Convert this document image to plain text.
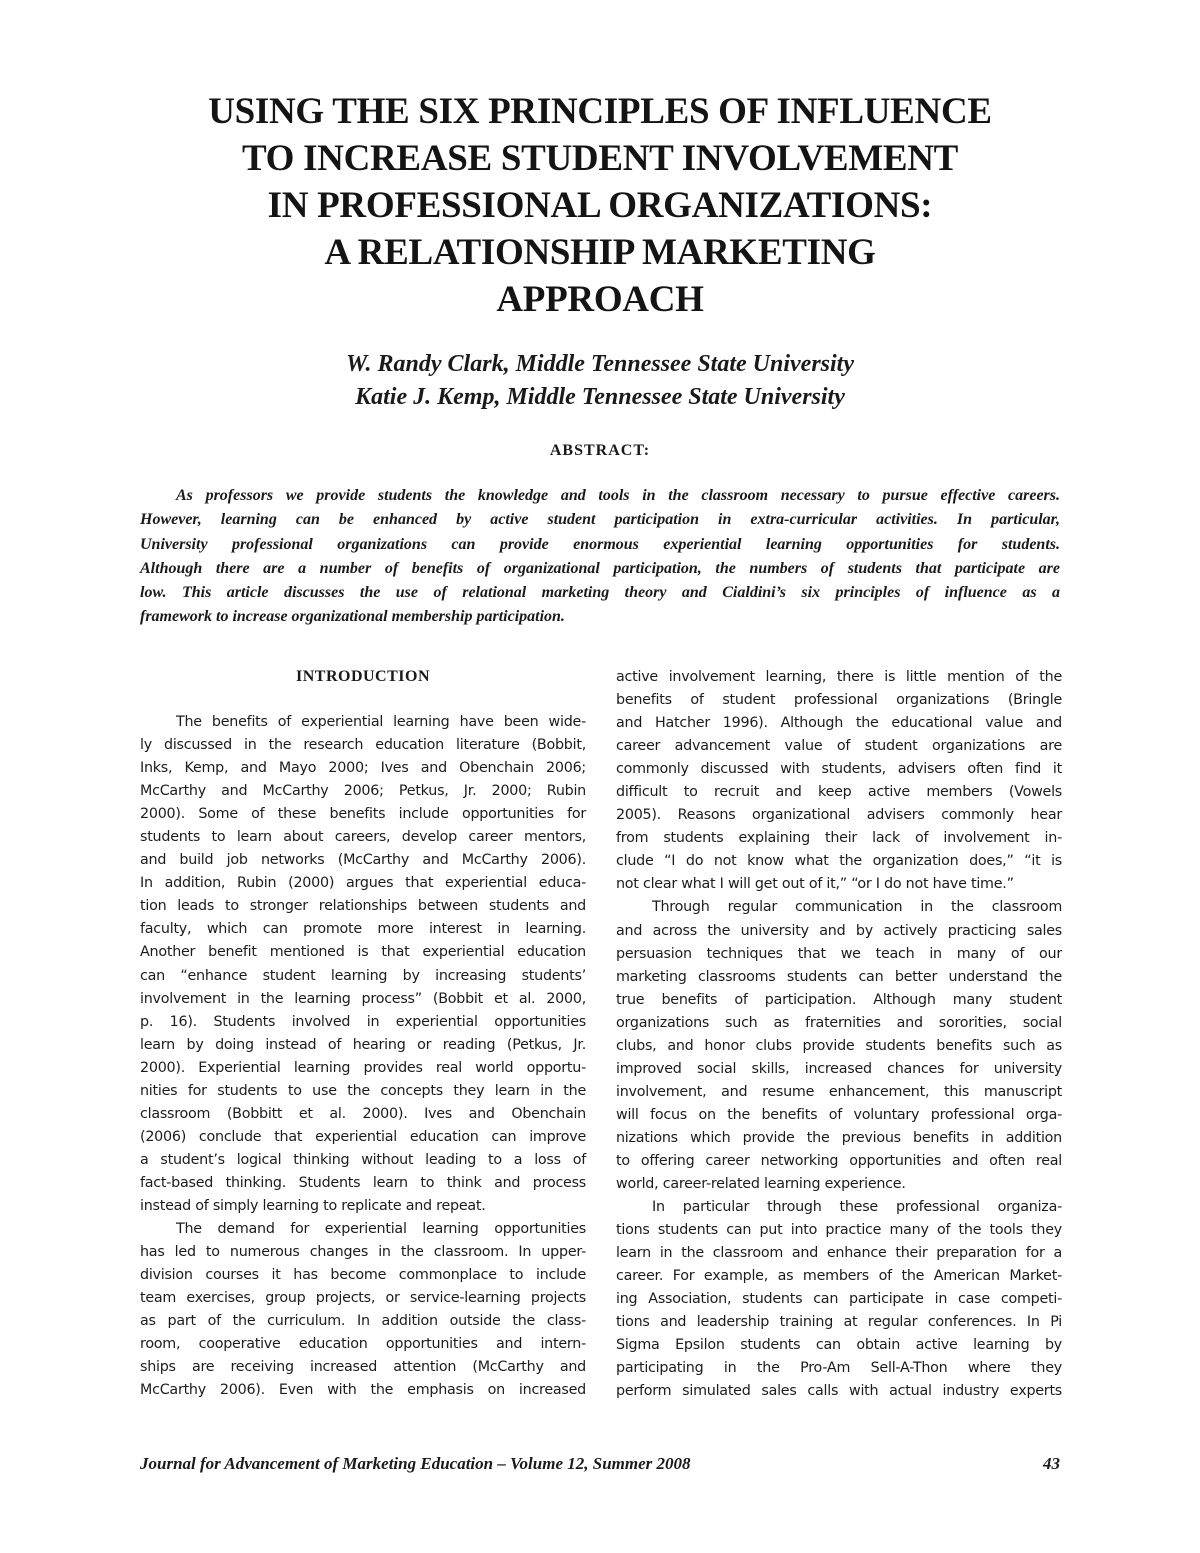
USING THE SIX PRINCIPLES OF INFLUENCE
TO INCREASE STUDENT INVOLVEMENT
IN PROFESSIONAL ORGANIZATIONS:
A RELATIONSHIP MARKETING
APPROACH
W. Randy Clark, Middle Tennessee State University
Katie J. Kemp, Middle Tennessee State University
ABSTRACT:
As professors we provide students the knowledge and tools in the classroom necessary to pursue effective careers.
However, learning can be enhanced by active student participation in extra-curricular activities. In particular,
University professional organizations can provide enormous experiential learning opportunities for students.
Although there are a number of benefits of organizational participation, the numbers of students that participate are
low. This article discusses the use of relational marketing theory and Cialdini’s six principles of influence as a
framework to increase organizational membership participation.
INTRODUCTION
The benefits of experiential learning have been wide-
ly discussed in the research education literature (Bobbit,
Inks, Kemp, and Mayo 2000; Ives and Obenchain 2006;
McCarthy and McCarthy 2006; Petkus, Jr. 2000; Rubin
2000). Some of these benefits include opportunities for
students to learn about careers, develop career mentors,
and build job networks (McCarthy and McCarthy 2006).
In addition, Rubin (2000) argues that experiential educa-
tion leads to stronger relationships between students and
faculty, which can promote more interest in learning.
Another benefit mentioned is that experiential education
can “enhance student learning by increasing students’
involvement in the learning process” (Bobbit et al. 2000,
p. 16). Students involved in experiential opportunities
learn by doing instead of hearing or reading (Petkus, Jr.
2000). Experiential learning provides real world opportu-
nities for students to use the concepts they learn in the
classroom (Bobbitt et al. 2000). Ives and Obenchain
(2006) conclude that experiential education can improve
a student’s logical thinking without leading to a loss of
fact-based thinking. Students learn to think and process
instead of simply learning to replicate and repeat.
The demand for experiential learning opportunities
has led to numerous changes in the classroom. In upper-
division courses it has become commonplace to include
team exercises, group projects, or service-learning projects
as part of the curriculum. In addition outside the class-
room, cooperative education opportunities and intern-
ships are receiving increased attention (McCarthy and
McCarthy 2006). Even with the emphasis on increased
active involvement learning, there is little mention of the
benefits of student professional organizations (Bringle
and Hatcher 1996). Although the educational value and
career advancement value of student organizations are
commonly discussed with students, advisers often find it
difficult to recruit and keep active members (Vowels
2005). Reasons organizational advisers commonly hear
from students explaining their lack of involvement in-
clude “I do not know what the organization does,” “it is
not clear what I will get out of it,” “or I do not have time.”
Through regular communication in the classroom
and across the university and by actively practicing sales
persuasion techniques that we teach in many of our
marketing classrooms students can better understand the
true benefits of participation. Although many student
organizations such as fraternities and sororities, social
clubs, and honor clubs provide students benefits such as
improved social skills, increased chances for university
involvement, and resume enhancement, this manuscript
will focus on the benefits of voluntary professional orga-
nizations which provide the previous benefits in addition
to offering career networking opportunities and often real
world, career-related learning experience.
In particular through these professional organiza-
tions students can put into practice many of the tools they
learn in the classroom and enhance their preparation for a
career. For example, as members of the American Market-
ing Association, students can participate in case competi-
tions and leadership training at regular conferences. In Pi
Sigma Epsilon students can obtain active learning by
participating in the Pro-Am Sell-A-Thon where they
perform simulated sales calls with actual industry experts
Journal for Advancement of Marketing Education – Volume 12, Summer 2008	43
